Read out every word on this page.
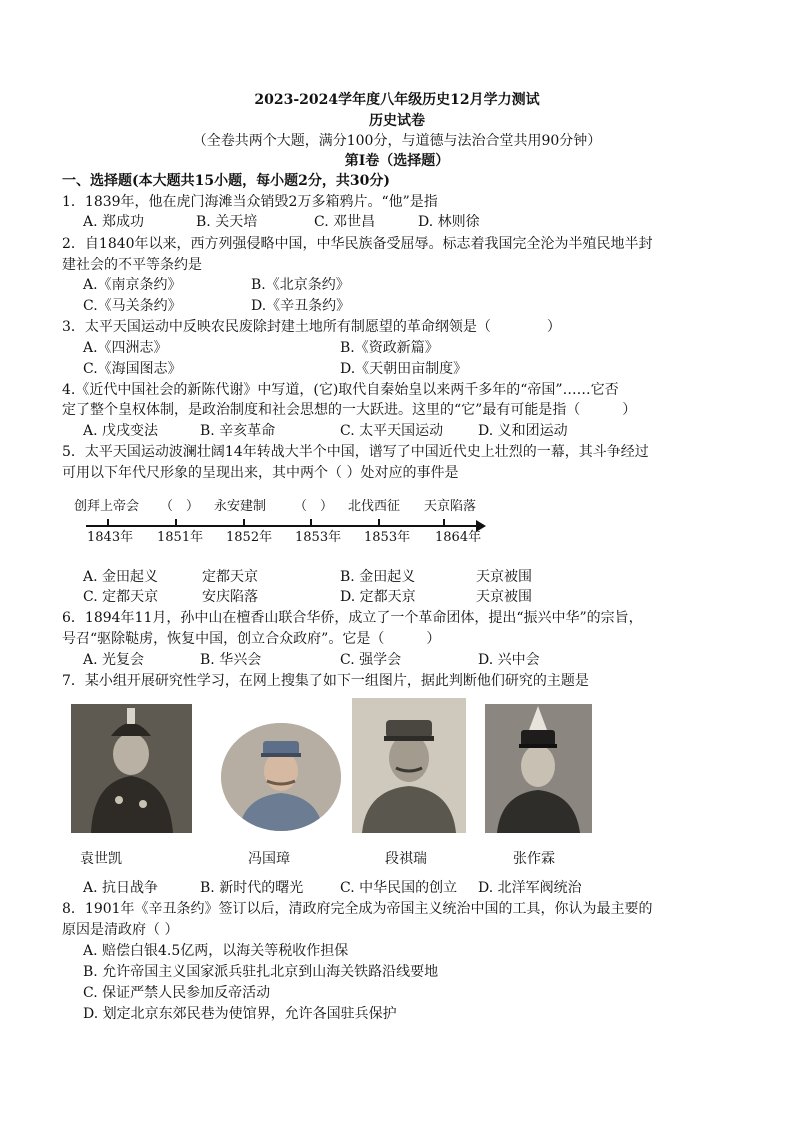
2023-2024学年度八年级历史12月学力测试
历史试卷
（全卷共两个大题，满分100分，与道德与法治合堂共用90分钟）
第Ⅰ卷（选择题）
一、选择题(本大题共15小题，每小题2分，共30分)
1．1839年，他在虎门海滩当众销毁2万多箱鸦片。“他”是指
A. 郑成功	B. 关天培	C. 邓世昌	D. 林则徐
2．自1840年以来，西方列强侵略中国，中华民族备受屈辱。标志着我国完全沦为半殖民地半封
建社会的不平等条约是
A.《南京条约》	B.《北京条约》
C.《马关条约》	D.《辛丑条约》
3．太平天国运动中反映农民废除封建土地所有制愿望的革命纲领是（　　　　）
A.《四洲志》	B.《资政新篇》
C.《海国图志》	D.《天朝田亩制度》
4.《近代中国社会的新陈代谢》中写道，(它)取代自秦始皇以来两千多年的“帝国”……它否
定了整个皇权体制，是政治制度和社会思想的一大跃进。这里的“它”最有可能是指（　　　）
A. 戊戌变法	B. 辛亥革命	C. 太平天国运动 D. 义和团运动
5．太平天国运动波澜壮阔14年转战大半个中国，谱写了中国近代史上壮烈的一幕，其斗争经过
可用以下年代尺形象的呈现出来，其中两个（ ）处对应的事件是
创拜上帝会 （　） 永安建制 （　） 北伐西征 天京陷落
1843年 1851年 1852年 1853年 1853年 1864年
A. 金田起义	定都天京	B. 金田起义	天京被围
C. 定都天京	安庆陷落	D. 定都天京	天京被围
6．1894年11月，孙中山在檀香山联合华侨，成立了一个革命团体，提出“振兴中华”的宗旨，
号召“驱除鞑虏，恢复中国，创立合众政府”。它是（　　　）
A. 光复会	B. 华兴会	C. 强学会	D. 兴中会
7．某小组开展研究性学习，在网上搜集了如下一组图片，据此判断他们研究的主题是
袁世凯	冯国璋	段祺瑞	张作霖
A. 抗日战争	B. 新时代的曙光	C. 中华民国的创立 D. 北洋军阀统治
8．1901年《辛丑条约》签订以后，清政府完全成为帝国主义统治中国的工具，你认为最主要的
原因是清政府（ ）
A. 赔偿白银4.5亿两，以海关等税收作担保
B. 允许帝国主义国家派兵驻扎北京到山海关铁路沿线要地
C. 保证严禁人民参加反帝活动
D. 划定北京东郊民巷为使馆界，允许各国驻兵保护
